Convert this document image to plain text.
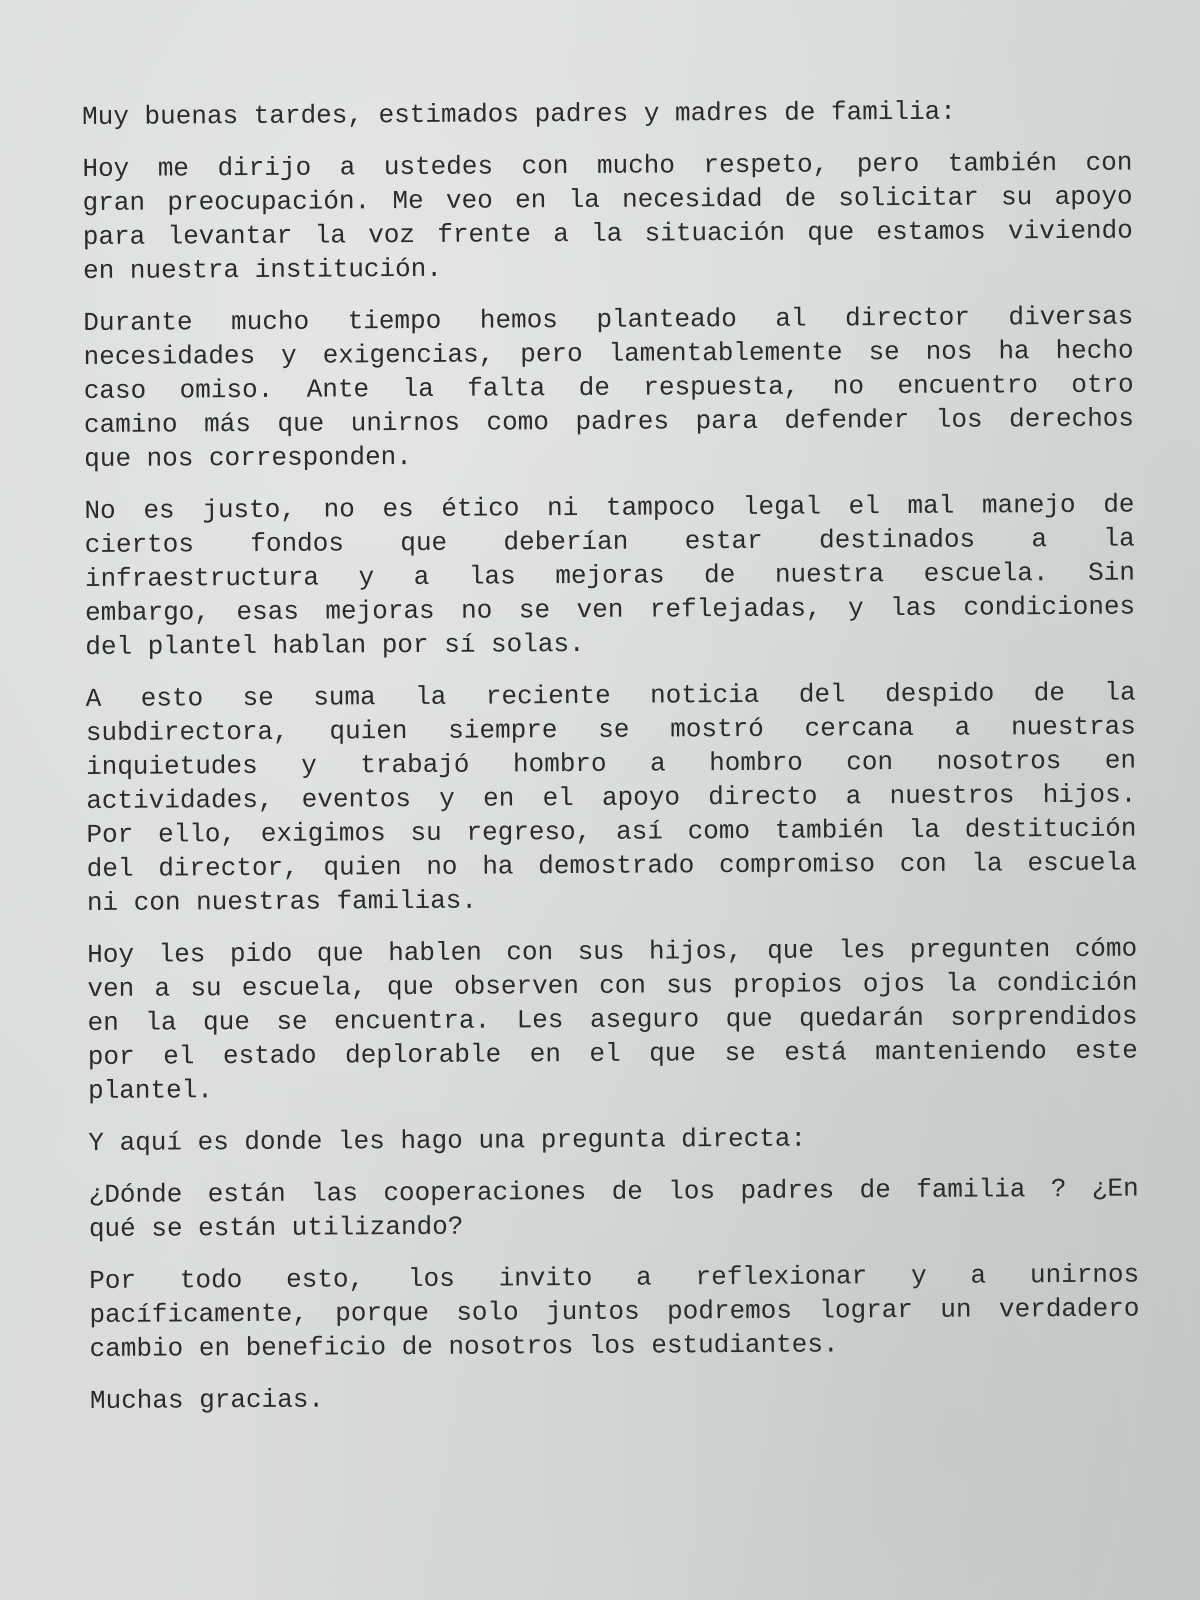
Muy buenas tardes, estimados padres y madres de familia:
Hoy me dirijo a ustedes con mucho respeto, pero también con
gran preocupación. Me veo en la necesidad de solicitar su apoyo
para levantar la voz frente a la situación que estamos viviendo
en nuestra institución.
Durante mucho tiempo hemos planteado al director diversas
necesidades y exigencias, pero lamentablemente se nos ha hecho
caso omiso. Ante la falta de respuesta, no encuentro otro
camino más que unirnos como padres para defender los derechos
que nos corresponden.
No es justo, no es ético ni tampoco legal el mal manejo de
ciertos fondos que deberían estar destinados a la
infraestructura y a las mejoras de nuestra escuela. Sin
embargo, esas mejoras no se ven reflejadas, y las condiciones
del plantel hablan por sí solas.
A esto se suma la reciente noticia del despido de la
subdirectora, quien siempre se mostró cercana a nuestras
inquietudes y trabajó hombro a hombro con nosotros en
actividades, eventos y en el apoyo directo a nuestros hijos.
Por ello, exigimos su regreso, así como también la destitución
del director, quien no ha demostrado compromiso con la escuela
ni con nuestras familias.
Hoy les pido que hablen con sus hijos, que les pregunten cómo
ven a su escuela, que observen con sus propios ojos la condición
en la que se encuentra. Les aseguro que quedarán sorprendidos
por el estado deplorable en el que se está manteniendo este
plantel.
Y aquí es donde les hago una pregunta directa:
¿Dónde están las cooperaciones de los padres de familia ? ¿En
qué se están utilizando?
Por todo esto, los invito a reflexionar y a unirnos
pacíficamente, porque solo juntos podremos lograr un verdadero
cambio en beneficio de nosotros los estudiantes.
Muchas gracias.
